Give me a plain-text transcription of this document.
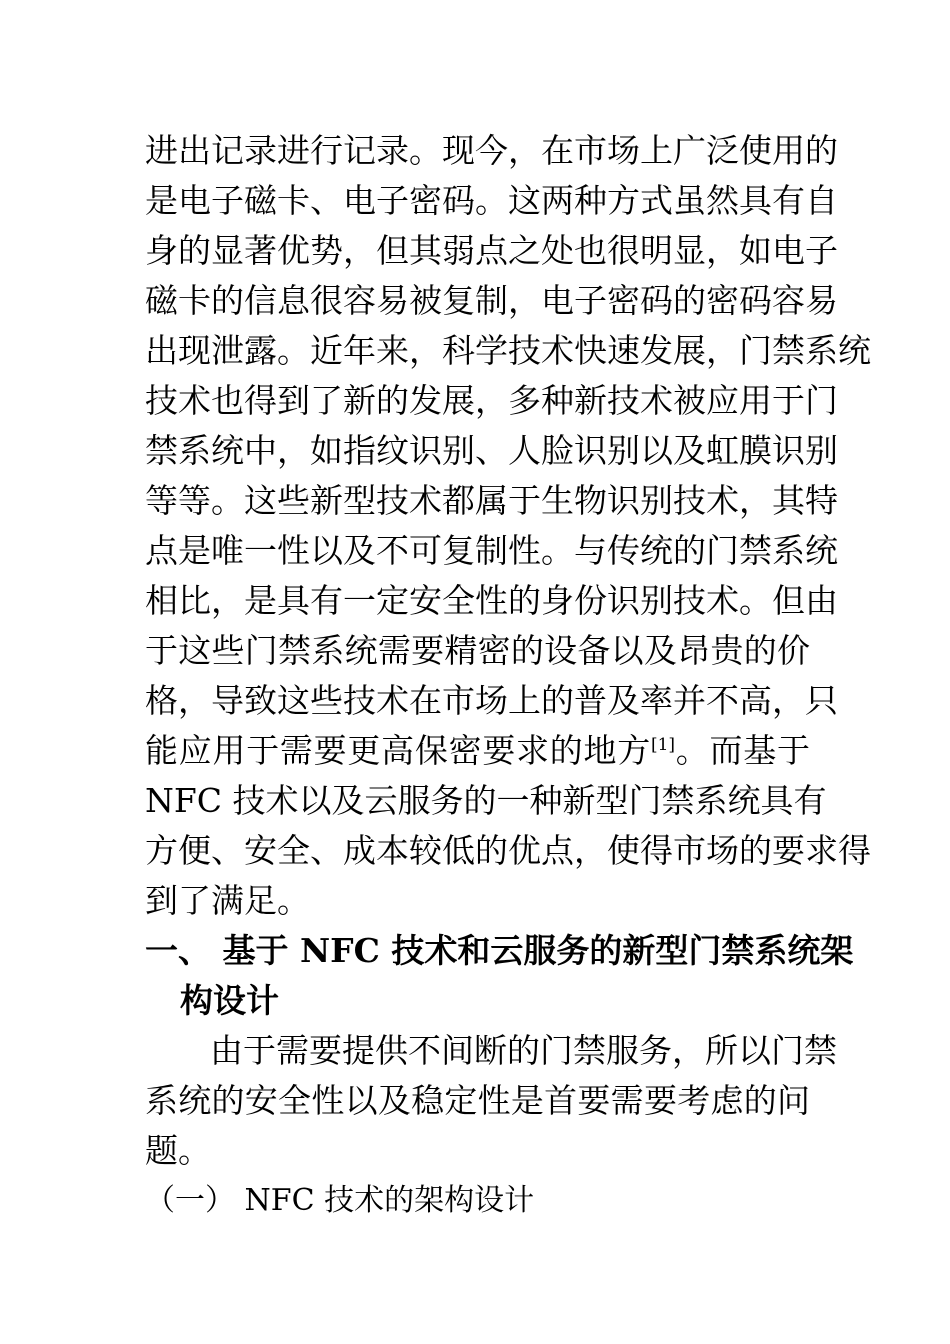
进出记录进行记录。现今，在市场上广泛使用的
是电子磁卡、电子密码。这两种方式虽然具有自
身的显著优势，但其弱点之处也很明显，如电子
磁卡的信息很容易被复制，电子密码的密码容易
出现泄露。近年来，科学技术快速发展，门禁系统
技术也得到了新的发展，多种新技术被应用于门
禁系统中，如指纹识别、人脸识别以及虹膜识别
等等。这些新型技术都属于生物识别技术，其特
点是唯一性以及不可复制性。与传统的门禁系统
相比，是具有一定安全性的身份识别技术。但由
于这些门禁系统需要精密的设备以及昂贵的价
格，导致这些技术在市场上的普及率并不高，只
能应用于需要更高保密要求的地方[1]。而基于
NFC 技术以及云服务的一种新型门禁系统具有
方便、安全、成本较低的优点，使得市场的要求得
到了满足。
一、 基于 NFC 技术和云服务的新型门禁系统架
构设计
由于需要提供不间断的门禁服务，所以门禁
系统的安全性以及稳定性是首要需要考虑的问
题。
（一） NFC 技术的架构设计
